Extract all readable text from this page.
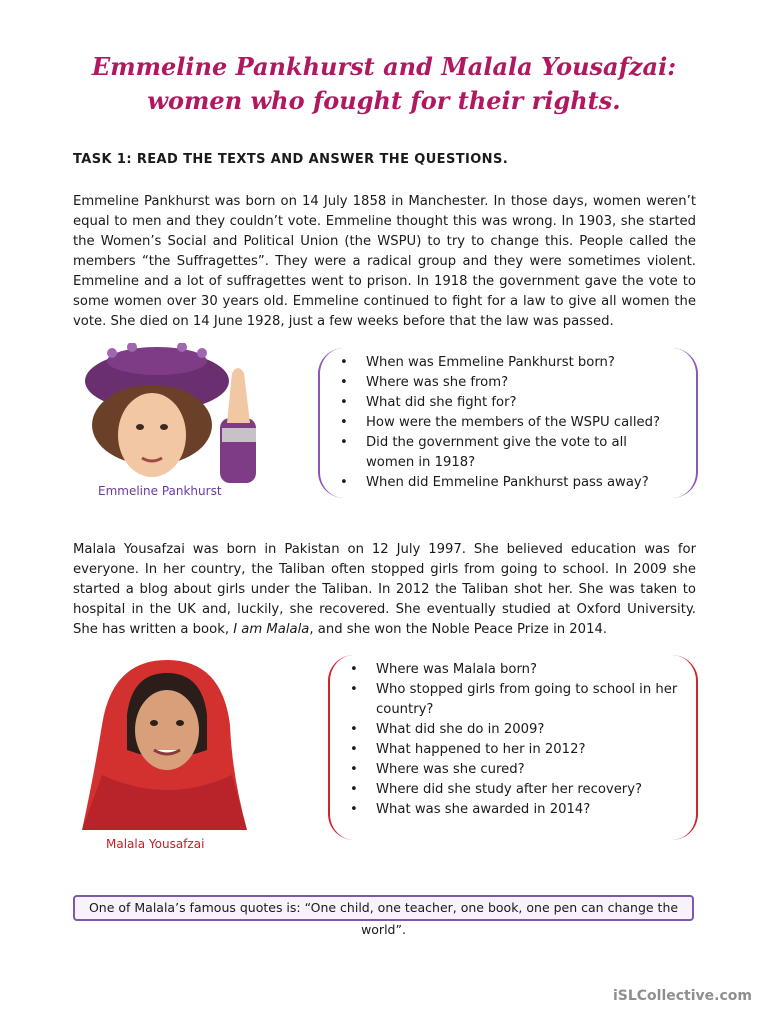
Emmeline Pankhurst and Malala Yousafzai:
women who fought for their rights.
TASK 1: READ THE TEXTS AND ANSWER THE QUESTIONS.

Emmeline Pankhurst was born on 14 July 1858 in Manchester. In those days, women weren’t equal to men and they couldn’t vote. Emmeline thought this was wrong. In 1903, she started the Women’s Social and Political Union (the WSPU) to try to change this. People called the members “the Suffragettes”. They were a radical group and they were sometimes violent. Emmeline and a lot of suffragettes went to prison. In 1918 the government gave the vote to some women over 30 years old. Emmeline continued to fight for a law to give all women the vote. She died on 14 June 1928, just a few weeks before that the law was passed.

Emmeline Pankhurst
• When was Emmeline Pankhurst born?
• Where was she from?
• What did she fight for?
• How were the members of the WSPU called?
• Did the government give the vote to all women in 1918?
• When did Emmeline Pankhurst pass away?

Malala Yousafzai was born in Pakistan on 12 July 1997. She believed education was for everyone. In her country, the Taliban often stopped girls from going to school. In 2009 she started a blog about girls under the Taliban. In 2012 the Taliban shot her. She was taken to hospital in the UK and, luckily, she recovered. She eventually studied at Oxford University. She has written a book, I am Malala, and she won the Noble Peace Prize in 2014.

Malala Yousafzai
• Where was Malala born?
• Who stopped girls from going to school in her country?
• What did she do in 2009?
• What happened to her in 2012?
• Where was she cured?
• Where did she study after her recovery?
• What was she awarded in 2014?
One of Malala’s famous quotes is: “One child, one teacher, one book, one pen can change the world”.
iSLCollective.com
